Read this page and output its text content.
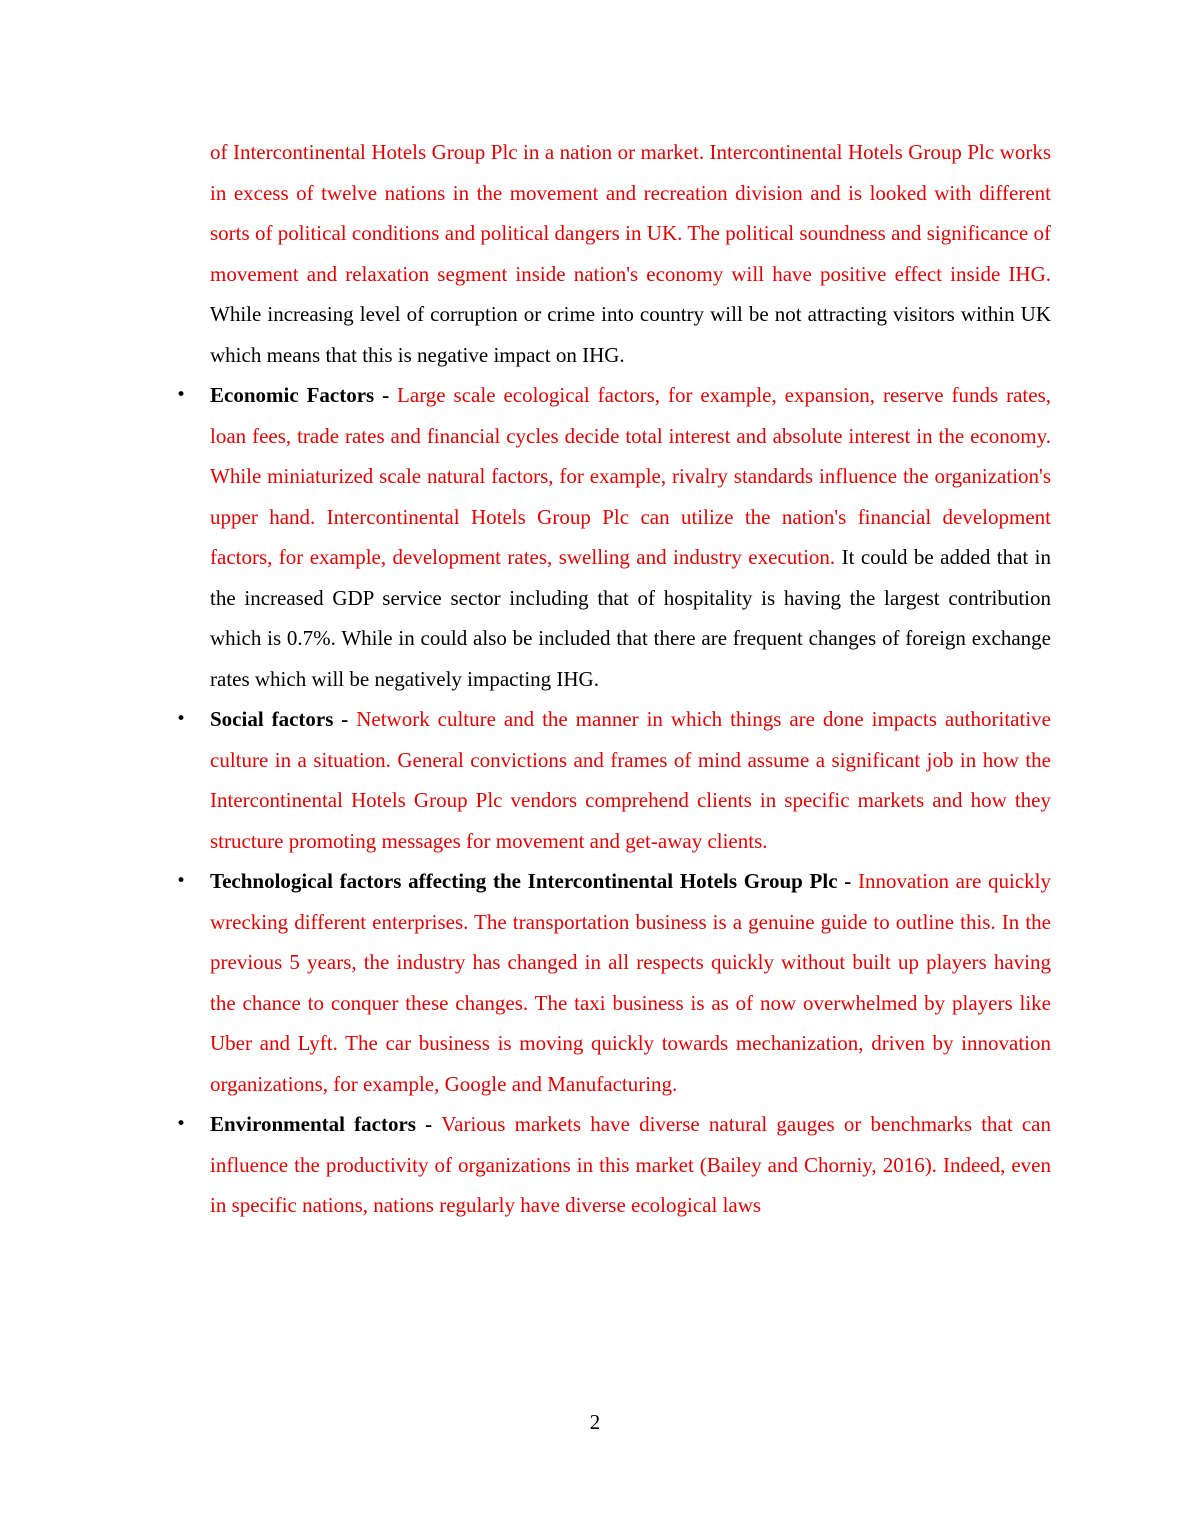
of Intercontinental Hotels Group Plc in a nation or market. Intercontinental Hotels Group Plc works in excess of twelve nations in the movement and recreation division and is looked with different sorts of political conditions and political dangers in UK. The political soundness and significance of movement and relaxation segment inside nation's economy will have positive effect inside IHG. While increasing level of corruption or crime into country will be not attracting visitors within UK which means that this is negative impact on IHG.

• Economic Factors - Large scale ecological factors, for example, expansion, reserve funds rates, loan fees, trade rates and financial cycles decide total interest and absolute interest in the economy. While miniaturized scale natural factors, for example, rivalry standards influence the organization's upper hand. Intercontinental Hotels Group Plc can utilize the nation's financial development factors, for example, development rates, swelling and industry execution. It could be added that in the increased GDP service sector including that of hospitality is having the largest contribution which is 0.7%. While in could also be included that there are frequent changes of foreign exchange rates which will be negatively impacting IHG.
• Social factors - Network culture and the manner in which things are done impacts authoritative culture in a situation. General convictions and frames of mind assume a significant job in how the Intercontinental Hotels Group Plc vendors comprehend clients in specific markets and how they structure promoting messages for movement and get-away clients.
• Technological factors affecting the Intercontinental Hotels Group Plc - Innovation are quickly wrecking different enterprises. The transportation business is a genuine guide to outline this. In the previous 5 years, the industry has changed in all respects quickly without built up players having the chance to conquer these changes. The taxi business is as of now overwhelmed by players like Uber and Lyft. The car business is moving quickly towards mechanization, driven by innovation organizations, for example, Google and Manufacturing.
• Environmental factors - Various markets have diverse natural gauges or benchmarks that can influence the productivity of organizations in this market (Bailey and Chorniy, 2016). Indeed, even in specific nations, nations regularly have diverse ecological laws
2
